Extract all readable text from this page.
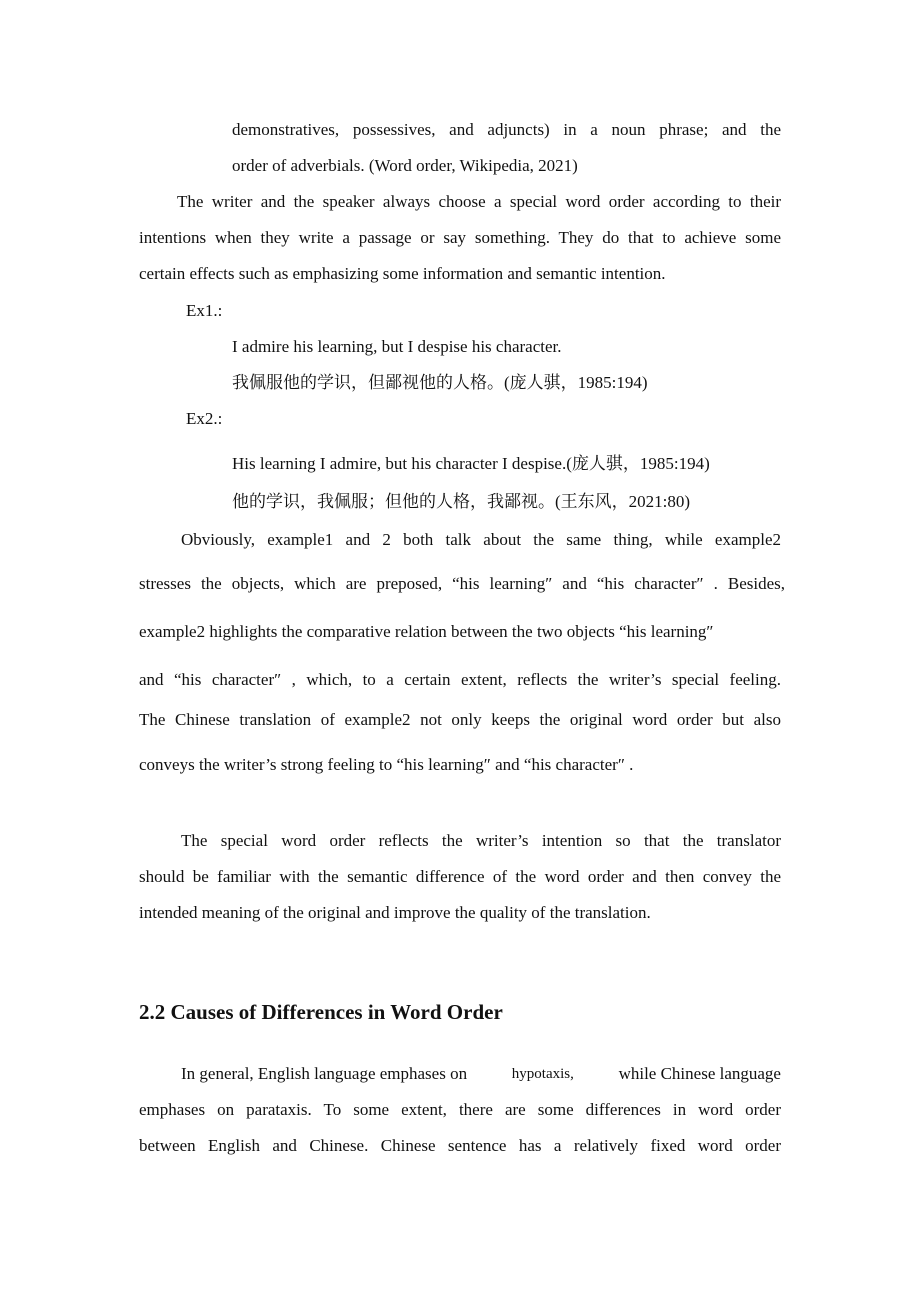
demonstratives, possessives, and adjuncts) in a noun phrase; and the
order of adverbials. (Word order, Wikipedia, 2021)
The writer and the speaker always choose a special word order according to their
intentions when they write a passage or say something. They do that to achieve some
certain effects such as emphasizing some information and semantic intention.
Ex1.:
I admire his learning, but I despise his character.
我佩服他的学识，但鄙视他的人格。(庞人骐，1985:194)
Ex2.:
His learning I admire, but his character I despise.(庞人骐，1985:194)
他的学识，我佩服；但他的人格，我鄙视。(王东风，2021:80)
Obviously, example1 and 2 both talk about the same thing, while example2
stresses the objects, which are preposed, “his learning″ and “his character″ . Besides,
example2 highlights the comparative relation between the two objects “his learning″
and “his character″ , which, to a certain extent, reflects the writer’s special feeling.
The Chinese translation of example2 not only keeps the original word order but also
conveys the writer’s strong feeling to “his learning″ and “his character″ .
The special word order reflects the writer’s intention so that the translator
should be familiar with the semantic difference of the word order and then convey the
intended meaning of the original and improve the quality of the translation.
2.2 Causes of Differences in Word Order
In general, English language emphases on	hypotaxis,	while Chinese language
emphases on parataxis. To some extent, there are some differences in word order
between English and Chinese. Chinese sentence has a relatively fixed word order
